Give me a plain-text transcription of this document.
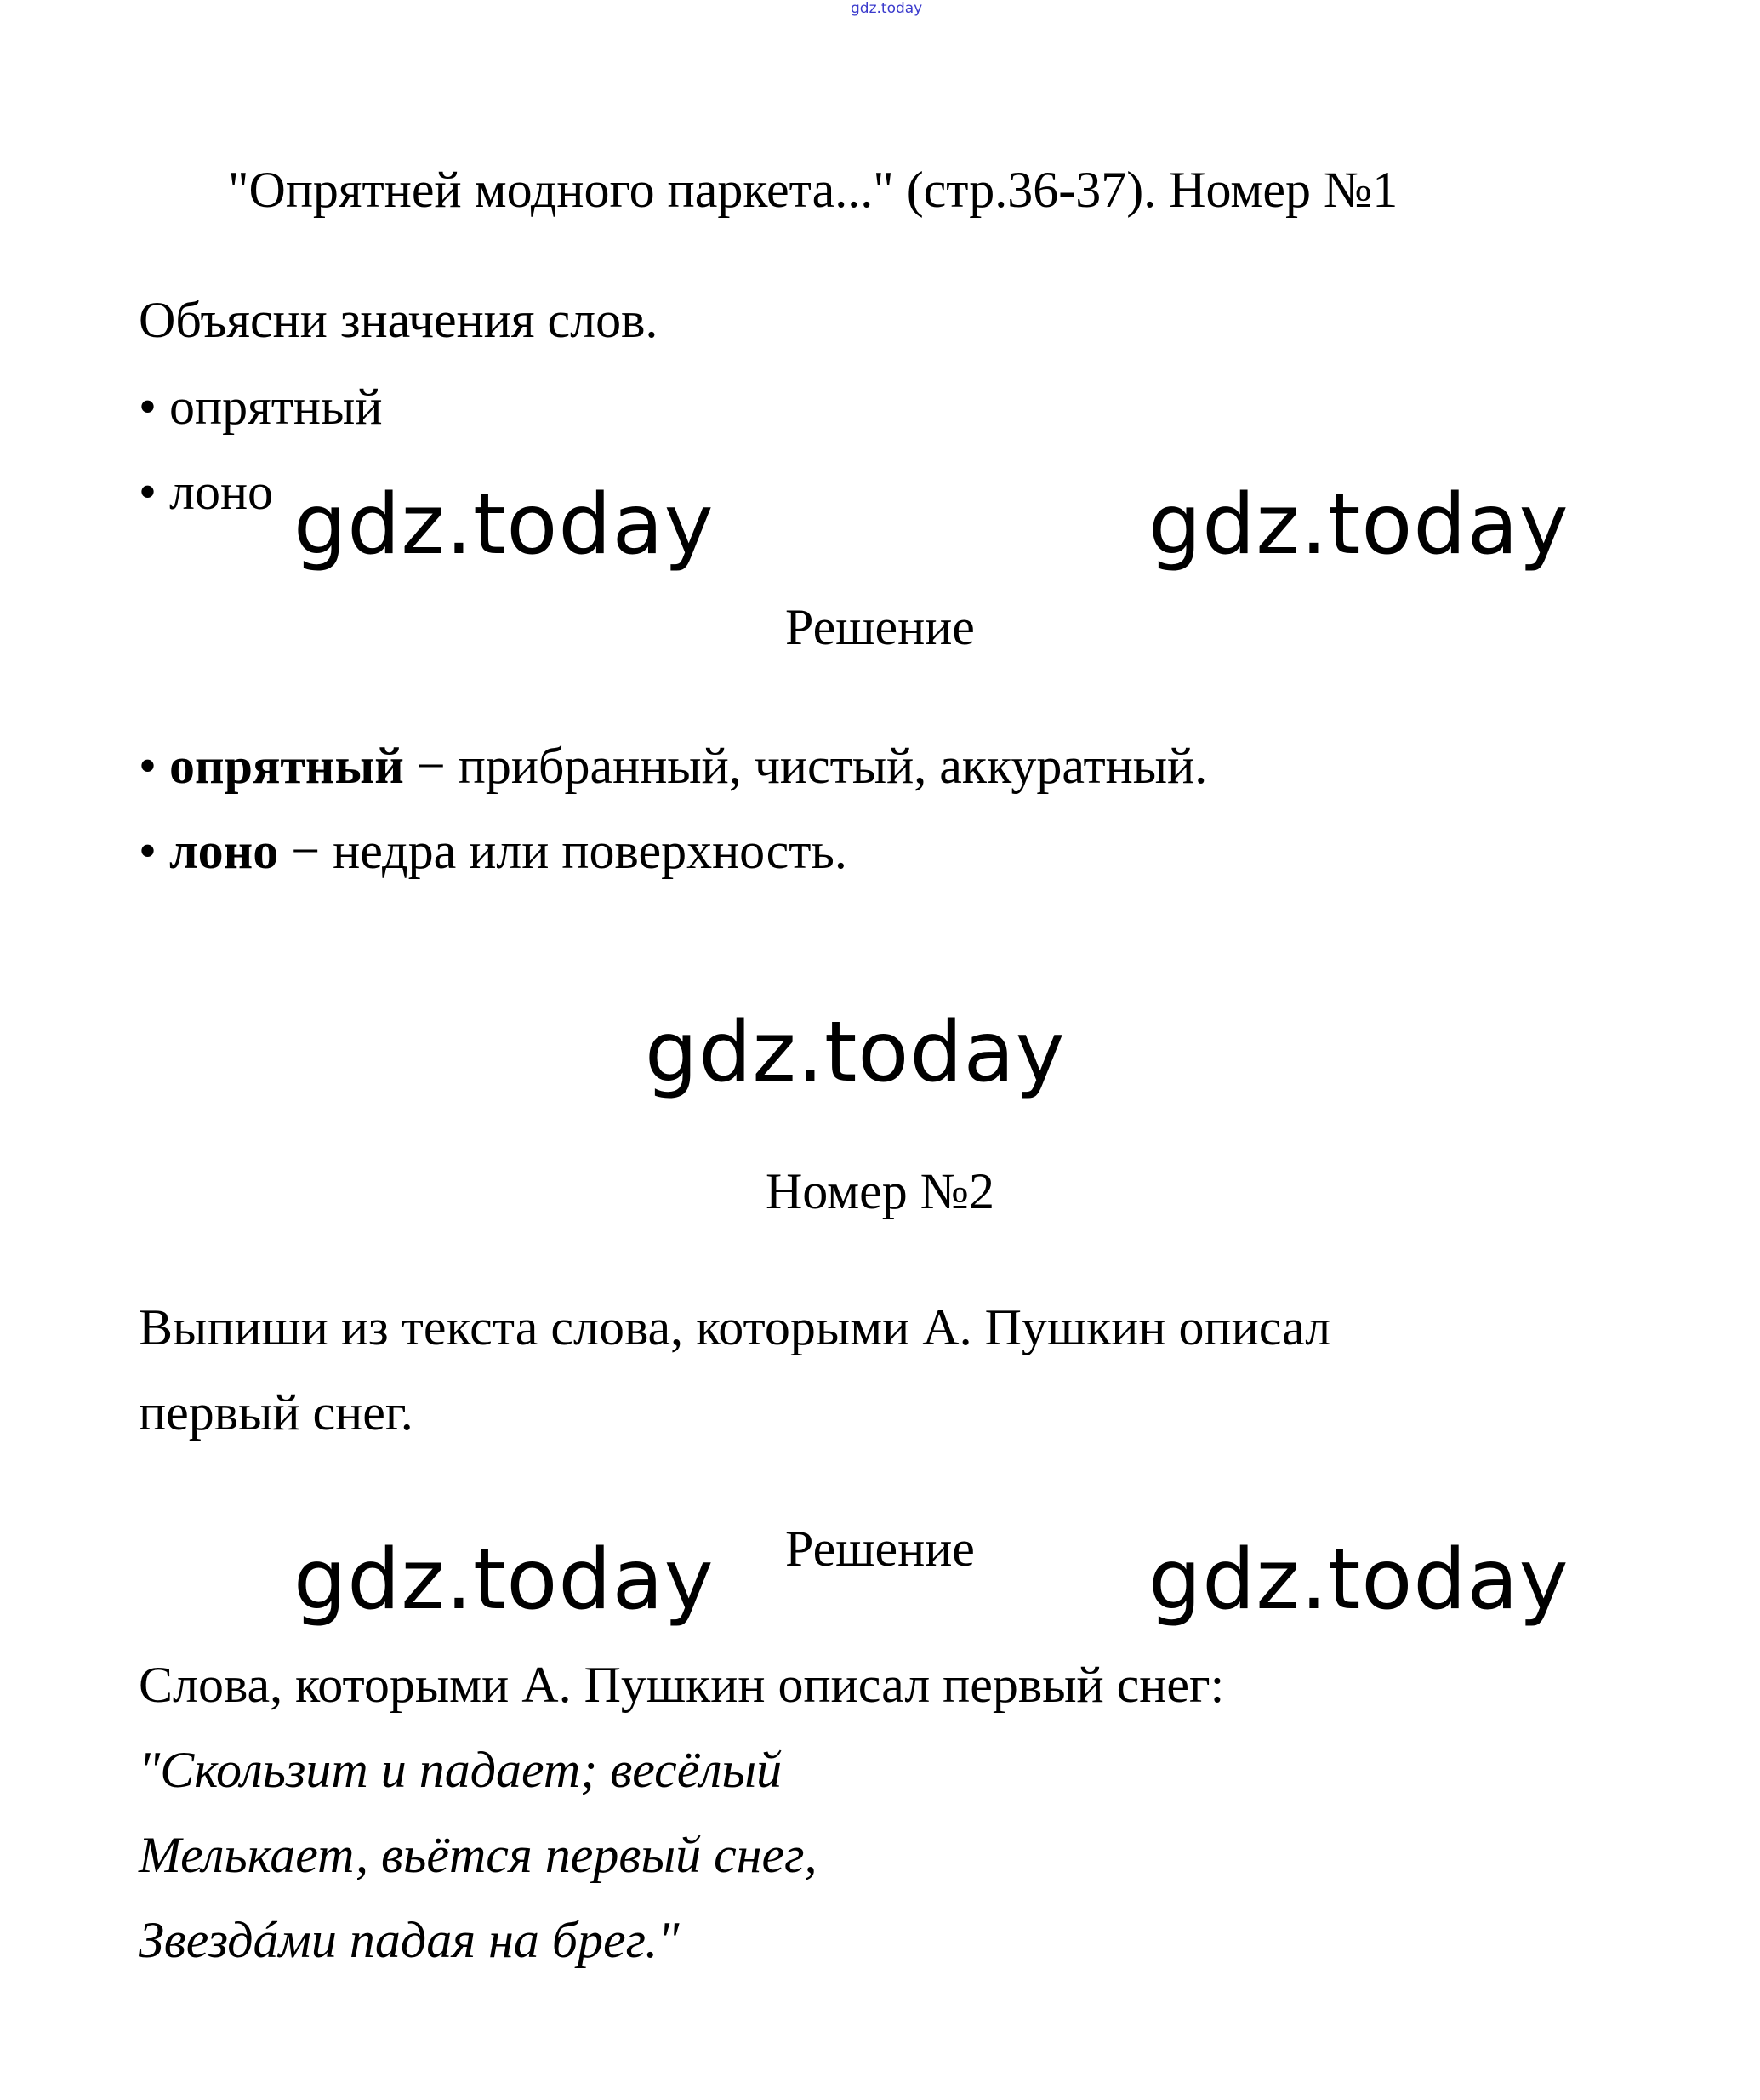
gdz.today
"Опрятней модного паркета..." (стр.36-37). Номер №1
Объясни значения слов.
• опрятный
• лоно gdz.today	gdz.today
Решение
• опрятный − прибранный, чистый, аккуратный.
• лоно − недра или поверхность.
gdz.today
Номер №2
Выпиши из текста слова, которыми А. Пушкин описал
первый снег.
Решение
gdz.today	gdz.today
Слова, которыми А. Пушкин описал первый снег:
"Скользит и падает; весёлый
Мелькает, вьётся первый снег,
Звездáми падая на брег."
